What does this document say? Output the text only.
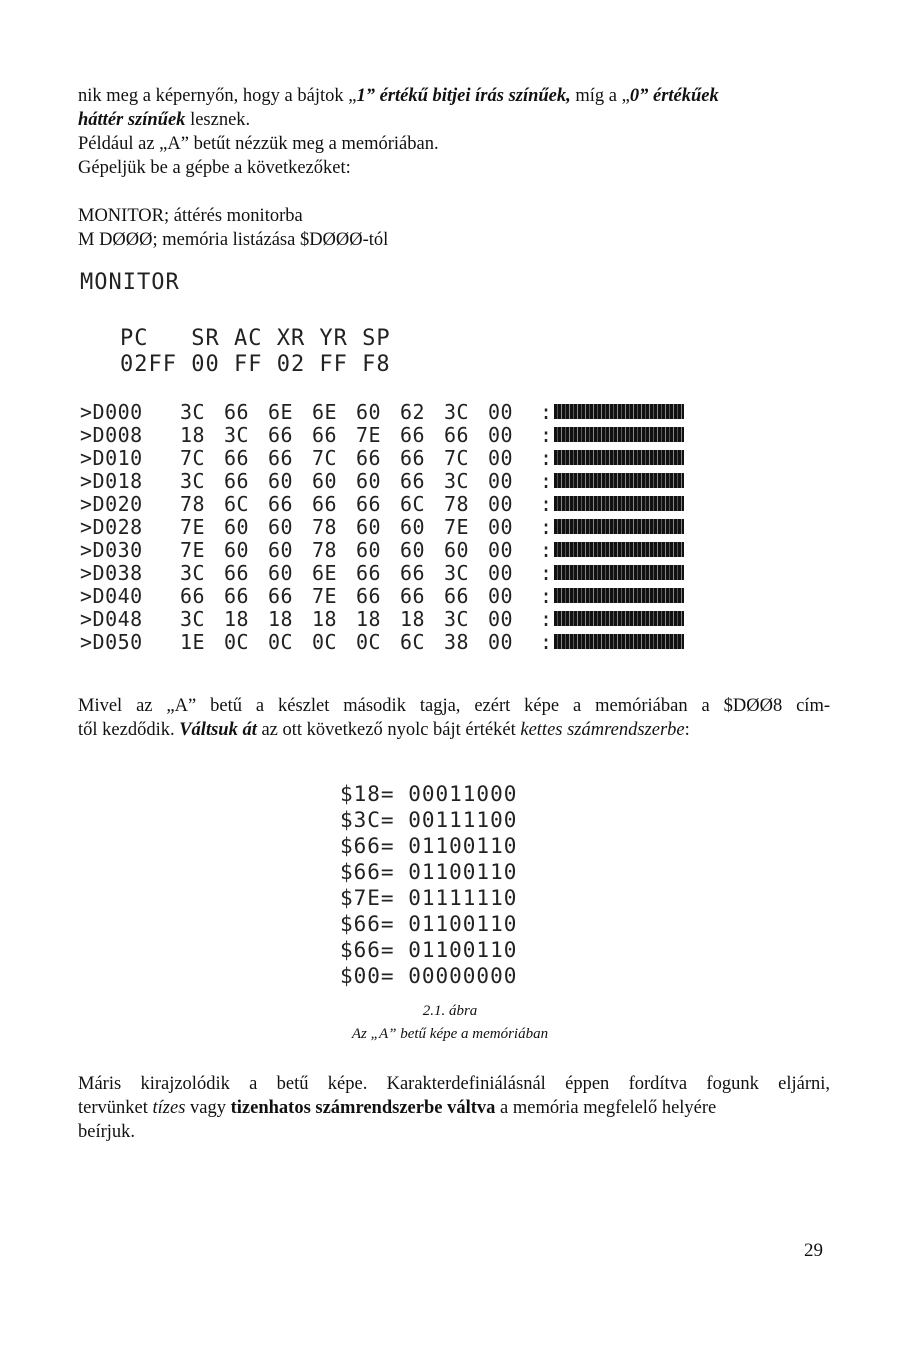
nik meg a képernyőn, hogy a bájtok „1” értékű bitjei írás színűek, míg a „0” értékűek
háttér színűek lesznek.
Például az „A” betűt nézzük meg a memóriában.
Gépeljük be a gépbe a következőket:
MONITOR; áttérés monitorba
M DØØØ; memória listázása $DØØØ-tól
MONITOR
PC   SR AC XR YR SP
02FF 00 FF 02 FF F8
>D000	3C 66 6E 6E 60 62 3C 00	:
>D008	18 3C 66 66 7E 66 66 00	:
>D010	7C 66 66 7C 66 66 7C 00	:
>D018	3C 66 60 60 60 66 3C 00	:
>D020	78 6C 66 66 66 6C 78 00	:
>D028	7E 60 60 78 60 60 7E 00	:
>D030	7E 60 60 78 60 60 60 00	:
>D038	3C 66 60 6E 66 66 3C 00	:
>D040	66 66 66 7E 66 66 66 00	:
>D048	3C 18 18 18 18 18 3C 00	:
>D050	1E 0C 0C 0C 0C 6C 38 00	:
Mivel az „A” betű a készlet második tagja, ezért képe a memóriában a $DØØ8 cím-
től kezdődik. Váltsuk át az ott következő nyolc bájt értékét kettes számrendszerbe:
$18= 00011000
$3C= 00111100
$66= 01100110
$66= 01100110
$7E= 01111110
$66= 01100110
$66= 01100110
$00= 00000000
2.1. ábra
Az „A” betű képe a memóriában
Máris kirajzolódik a betű képe. Karakterdefiniálásnál éppen fordítva fogunk eljárni,
tervünket tízes vagy tizenhatos számrendszerbe váltva a memória megfelelő helyére
beírjuk.
29
